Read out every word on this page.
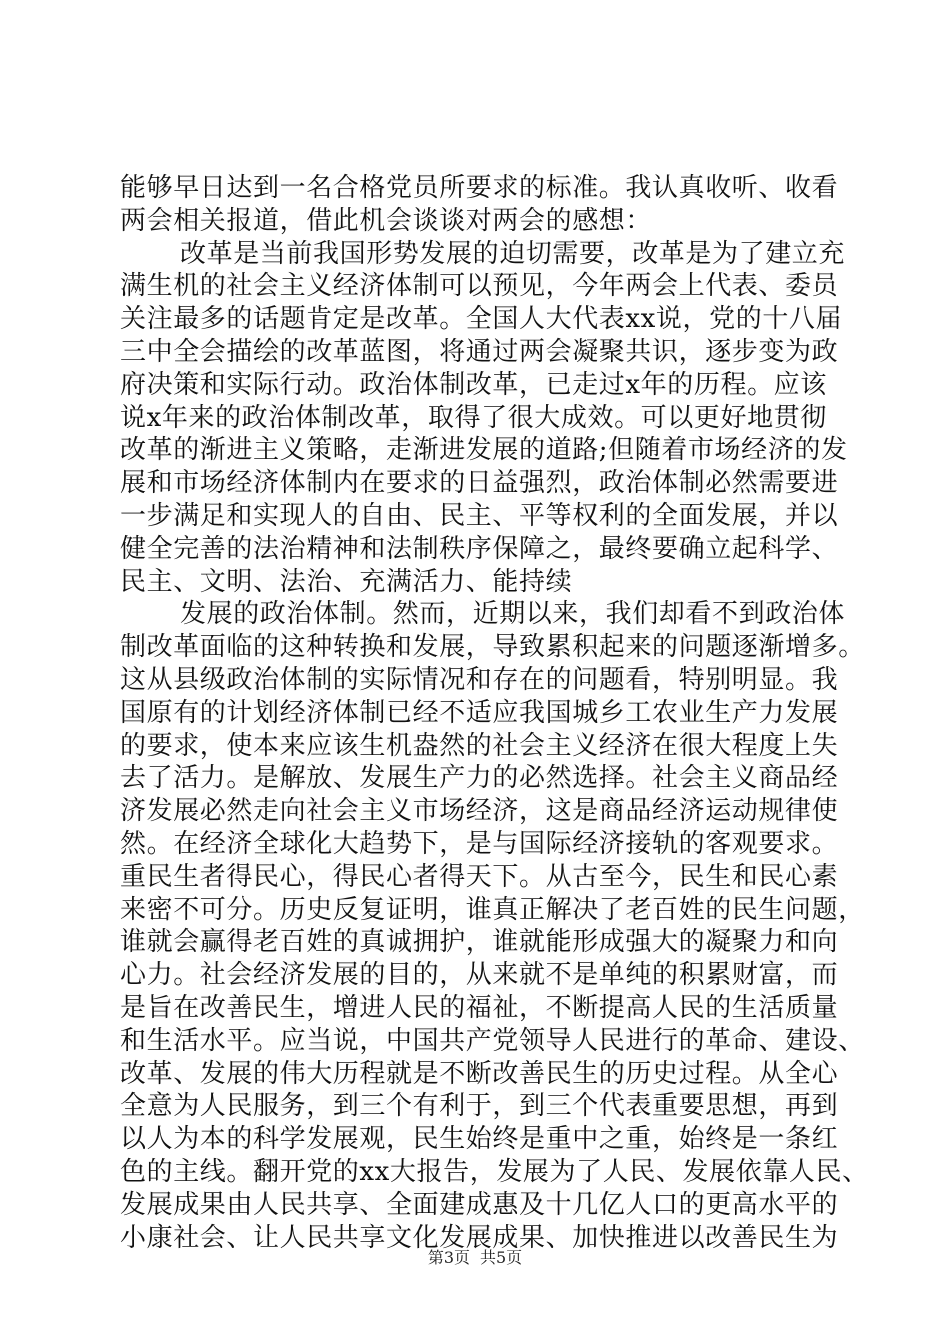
能够早日达到一名合格党员所要求的标准。我认真收听、收看
两会相关报道，借此机会谈谈对两会的感想：
改革是当前我国形势发展的迫切需要，改革是为了建立充
满生机的社会主义经济体制可以预见，今年两会上代表、委员
关注最多的话题肯定是改革。全国人大代表xx说，党的十八届
三中全会描绘的改革蓝图，将通过两会凝聚共识，逐步变为政
府决策和实际行动。政治体制改革，已走过x年的历程。应该
说x年来的政治体制改革，取得了很大成效。可以更好地贯彻
改革的渐进主义策略，走渐进发展的道路;但随着市场经济的发
展和市场经济体制内在要求的日益强烈，政治体制必然需要进
一步满足和实现人的自由、民主、平等权利的全面发展，并以
健全完善的法治精神和法制秩序保障之，最终要确立起科学、
民主、文明、法治、充满活力、能持续
发展的政治体制。然而，近期以来，我们却看不到政治体
制改革面临的这种转换和发展，导致累积起来的问题逐渐增多。
这从县级政治体制的实际情况和存在的问题看，特别明显。我
国原有的计划经济体制已经不适应我国城乡工农业生产力发展
的要求，使本来应该生机盎然的社会主义经济在很大程度上失
去了活力。是解放、发展生产力的必然选择。社会主义商品经
济发展必然走向社会主义市场经济，这是商品经济运动规律使
然。在经济全球化大趋势下，是与国际经济接轨的客观要求。
重民生者得民心，得民心者得天下。从古至今，民生和民心素
来密不可分。历史反复证明，谁真正解决了老百姓的民生问题，
谁就会赢得老百姓的真诚拥护，谁就能形成强大的凝聚力和向
心力。社会经济发展的目的，从来就不是单纯的积累财富，而
是旨在改善民生，增进人民的福祉，不断提高人民的生活质量
和生活水平。应当说，中国共产党领导人民进行的革命、建设、
改革、发展的伟大历程就是不断改善民生的历史过程。从全心
全意为人民服务，到三个有利于，到三个代表重要思想，再到
以人为本的科学发展观，民生始终是重中之重，始终是一条红
色的主线。翻开党的xx大报告，发展为了人民、发展依靠人民、
发展成果由人民共享、全面建成惠及十几亿人口的更高水平的
小康社会、让人民共享文化发展成果、加快推进以改善民生为
第3页 共5页
